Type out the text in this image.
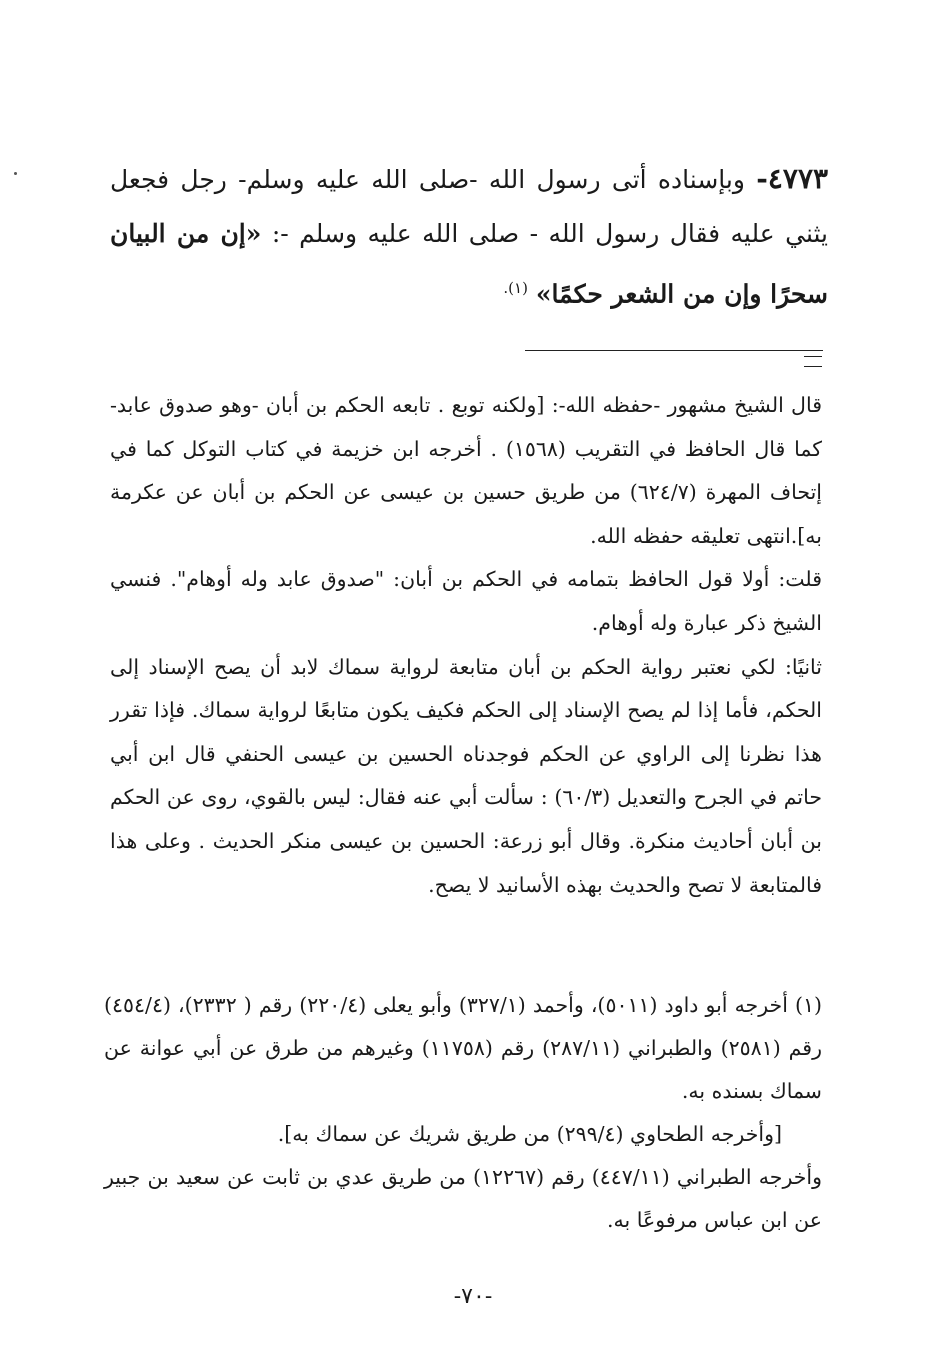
٤٧٧٣- وبإسناده أتى رسول الله -صلى الله عليه وسلم- رجل فجعل يثني عليه فقال رسول الله - صلى الله عليه وسلم -: «إن من البيان سحرًا وإن من الشعر حكمًا» $^{(١).}$

قال الشيخ مشهور -حفظه الله-: [ولكنه توبع . تابعه الحكم بن أبان -وهو صدوق عابد- كما قال الحافظ في التقريب (١٥٦٨) . أخرجه ابن خزيمة في كتاب التوكل كما في إتحاف المهرة (٦٢٤/٧) من طريق حسين بن عيسى عن الحكم بن أبان عن عكرمة به].انتهى تعليقه حفظه الله.

قلت: أولا قول الحافظ بتمامه في الحكم بن أبان: "صدوق عابد وله أوهام". فنسي الشيخ ذكر عبارة وله أوهام.

ثانيًا: لكي نعتبر رواية الحكم بن أبان متابعة لرواية سماك لابد أن يصح الإسناد إلى الحكم، فأما إذا لم يصح الإسناد إلى الحكم فكيف يكون متابعًا لرواية سماك. فإذا تقرر هذا نظرنا إلى الراوي عن الحكم فوجدناه الحسين بن عيسى الحنفي قال ابن أبي حاتم في الجرح والتعديل (٦٠/٣) : سألت أبي عنه فقال: ليس بالقوي، روى عن الحكم بن أبان أحاديث منكرة. وقال أبو زرعة: الحسين بن عيسى منكر الحديث . وعلى هذا فالمتابعة لا تصح والحديث بهذه الأسانيد لا يصح.

(١) أخرجه أبو داود (٥٠١١)، وأحمد (٣٢٧/١) وأبو يعلى (٢٢٠/٤) رقم ( ٢٣٣٢)، (٤٥٤/٤) رقم (٢٥٨١) والطبراني (٢٨٧/١١) رقم (١١٧٥٨) وغيرهم من طرق عن أبي عوانة عن سماك بسنده به.

[وأخرجه الطحاوي (٢٩٩/٤) من طريق شريك عن سماك به].

وأخرجه الطبراني (٤٤٧/١١) رقم (١٢٢٦٧) من طريق عدي بن ثابت عن سعيد بن جبير عن ابن عباس مرفوعًا به.

-٧٠-
